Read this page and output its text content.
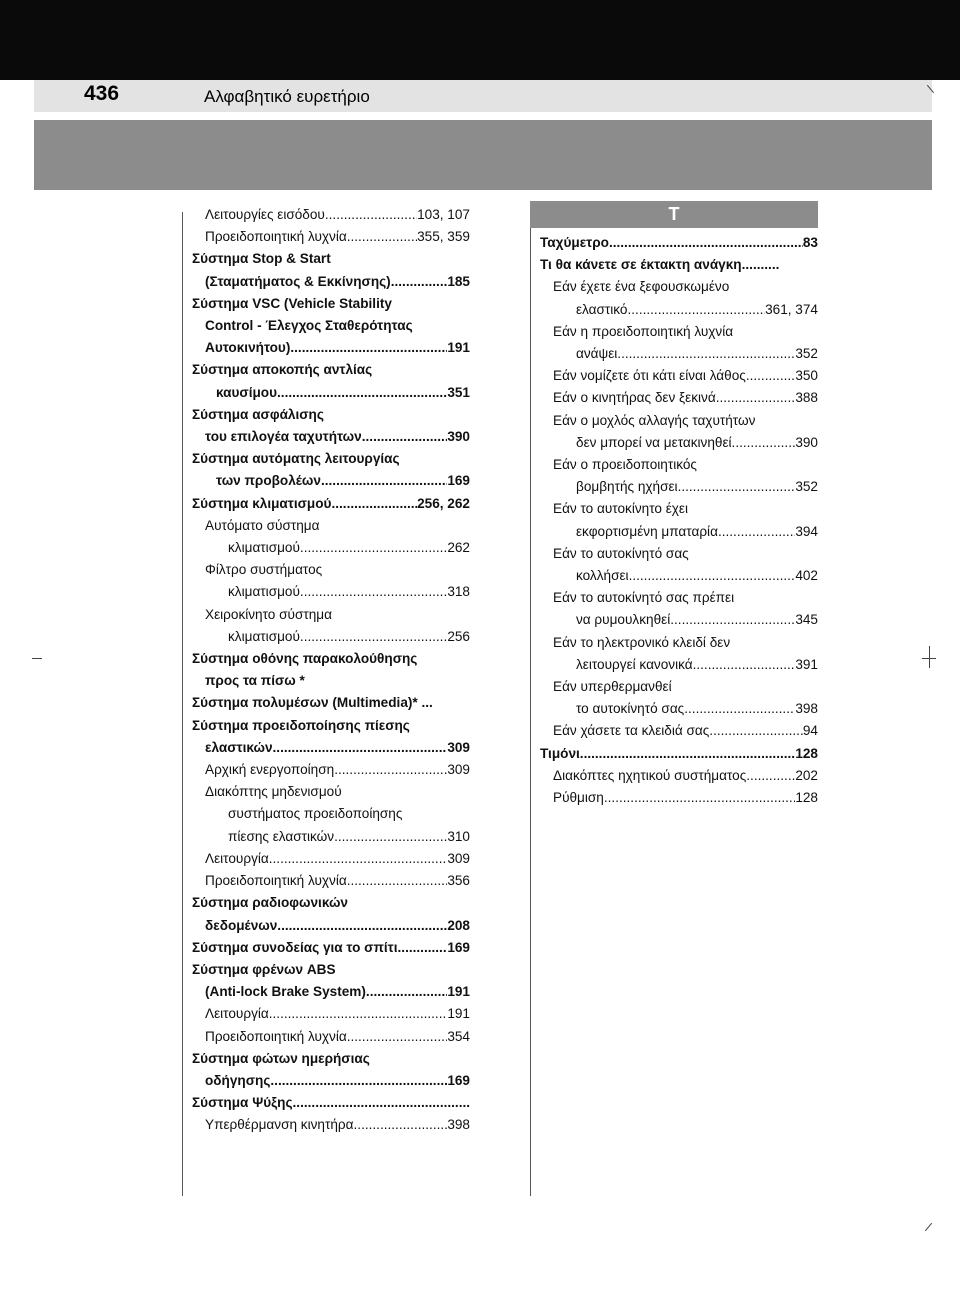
436	Αλφαβητικό ευρετήριο
Τ
Λειτουργίες εισόδου .....	103, 107
Προειδοποιητική λυχνία .....	355, 359
Σύστημα Stop & Start
(Σταματήματος & Εκκίνησης) .....	185
Σύστημα VSC (Vehicle Stability
Control - Έλεγχος Σταθερότητας
Αυτοκινήτου) .....	191
Σύστημα αποκοπής αντλίας
καυσίμου .....	351
Σύστημα ασφάλισης
του επιλογέα ταχυτήτων .....	390
Σύστημα αυτόματης λειτουργίας
των προβολέων .....	169
Σύστημα κλιματισμού .....	256, 262
Αυτόματο σύστημα
κλιματισμού .....	262
Φίλτρο συστήματος
κλιματισμού .....	318
Χειροκίνητο σύστημα
κλιματισμού .....	256
Σύστημα οθόνης παρακολούθησης
προς τα πίσω *
Σύστημα πολυμέσων (Multimedia)* ...
Σύστημα προειδοποίησης πίεσης
ελαστικών .....	309
Αρχική ενεργοποίηση .....	309
Διακόπτης μηδενισμού
συστήματος προειδοποίησης
πίεσης ελαστικών .....	310
Λειτουργία .....	309
Προειδοποιητική λυχνία .....	356
Σύστημα ραδιοφωνικών
δεδομένων .....	208
Σύστημα συνοδείας για το σπίτι .....	169
Σύστημα φρένων ABS
(Anti-lock Brake System) .....	191
Λειτουργία .....	191
Προειδοποιητική λυχνία .....	354
Σύστημα φώτων ημερήσιας
οδήγησης .....	169
Σύστημα Ψύξης
.....
Υπερθέρμανση κινητήρα .....	398
Ταχύμετρο .....	83
Τι θα κάνετε σε έκτακτη ανάγκη..........
Εάν έχετε ένα ξεφουσκωμένο
ελαστικό .....	361, 374
Εάν η προειδοποιητική λυχνία
ανάψει .....	352
Εάν νομίζετε ότι κάτι είναι λάθος .....	350
Εάν ο κινητήρας δεν ξεκινά .....	388
Εάν ο μοχλός αλλαγής ταχυτήτων
δεν μπορεί να μετακινηθεί .....	390
Εάν ο προειδοποιητικός
βομβητής ηχήσει .....	352
Εάν το αυτοκίνητο έχει
εκφορτισμένη μπαταρία .....	394
Εάν το αυτοκίνητό σας
κολλήσει .....	402
Εάν το αυτοκίνητό σας πρέπει
να ρυμουλκηθεί .....	345
Εάν το ηλεκτρονικό κλειδί δεν
λειτουργεί κανονικά .....	391
Εάν υπερθερμανθεί
το αυτοκίνητό σας .....	398
Εάν χάσετε τα κλειδιά σας .....	94
Τιμόνι .....	128
Διακόπτες ηχητικού συστήματος. .....	202
Ρύθμιση .....	128
